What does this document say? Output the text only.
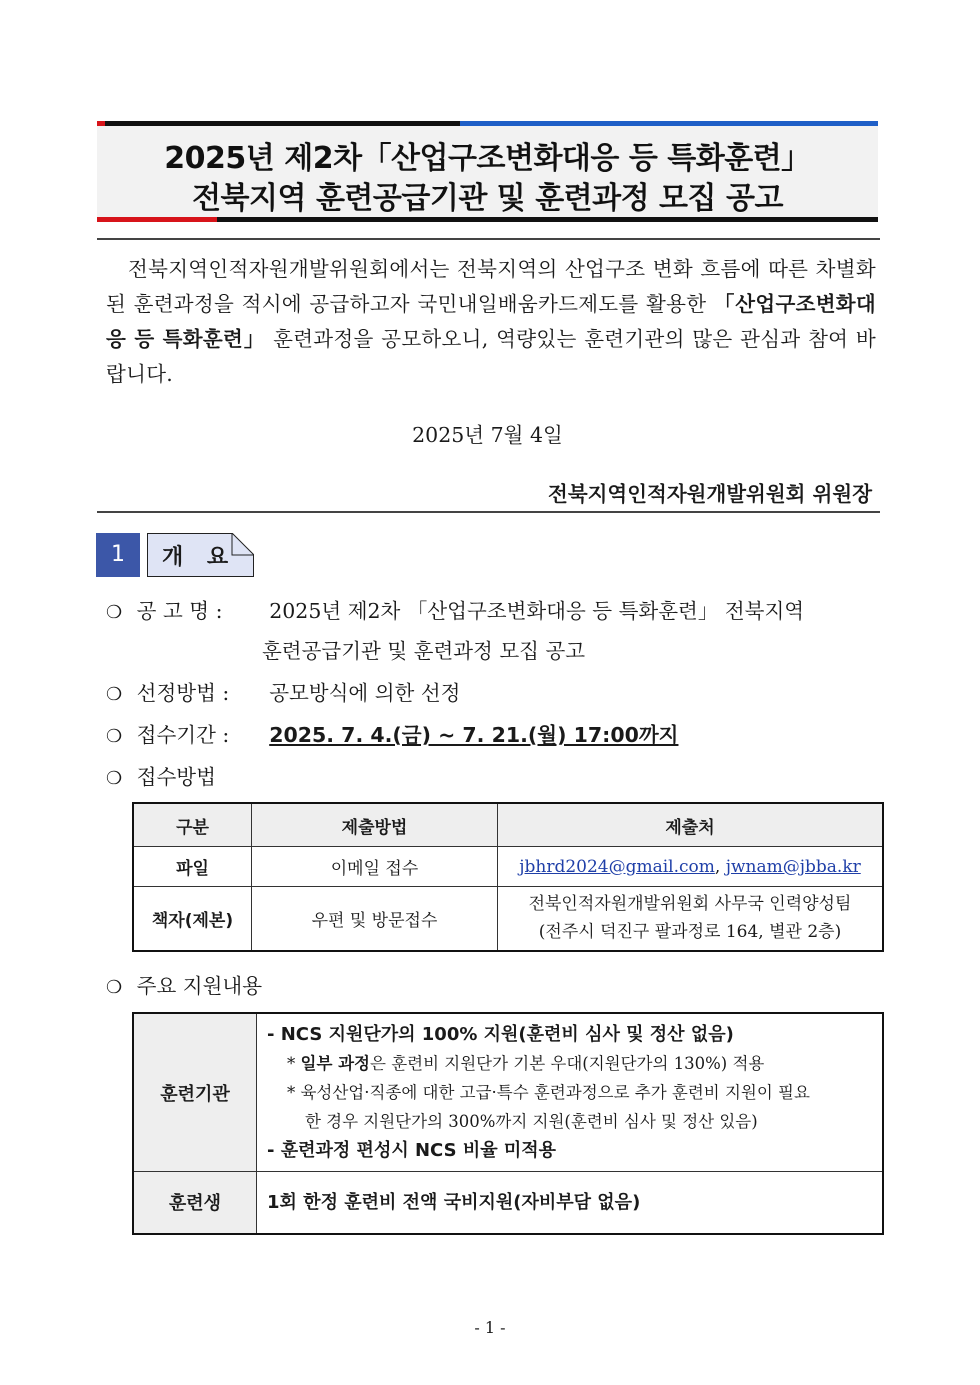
2025년 제2차「산업구조변화대응 등 특화훈련」
전북지역 훈련공급기관 및 훈련과정 모집 공고
전북지역인적자원개발위원회에서는 전북지역의 산업구조 변화 흐름에 따른 차별화된 훈련과정을 적시에 공급하고자 국민내일배움카드제도를 활용한 「산업구조변화대응 등 특화훈련」 훈련과정을 공모하오니, 역량있는 훈련기관의 많은 관심과 참여 바랍니다.
2025년 7월 4일
전북지역인적자원개발위원회 위원장
1	개 요
❍ 공 고 명 : 2025년 제2차 「산업구조변화대응 등 특화훈련」 전북지역
훈련공급기관 및 훈련과정 모집 공고
❍ 선정방법 : 공모방식에 의한 선정
❍ 접수기간 : 2025. 7. 4.(금) ~ 7. 21.(월) 17:00까지
❍ 접수방법
구분	제출방법	제출처
파일	이메일 접수	jbhrd2024@gmail.com, jwnam@jbba.kr
책자(제본)	우편 및 방문접수	전북인적자원개발위원회 사무국 인력양성팀
(전주시 덕진구 팔과정로 164, 별관 2층)
❍ 주요 지원내용
훈련기관	- NCS 지원단가의 100% 지원(훈련비 심사 및 정산 없음)
* 일부 과정은 훈련비 지원단가 기본 우대(지원단가의 130%) 적용
* 육성산업·직종에 대한 고급·특수 훈련과정으로 추가 훈련비 지원이 필요
한 경우 지원단가의 300%까지 지원(훈련비 심사 및 정산 있음)
- 훈련과정 편성시 NCS 비율 미적용

훈련생	1회 한정 훈련비 전액 국비지원(자비부담 없음)
- 1 -
